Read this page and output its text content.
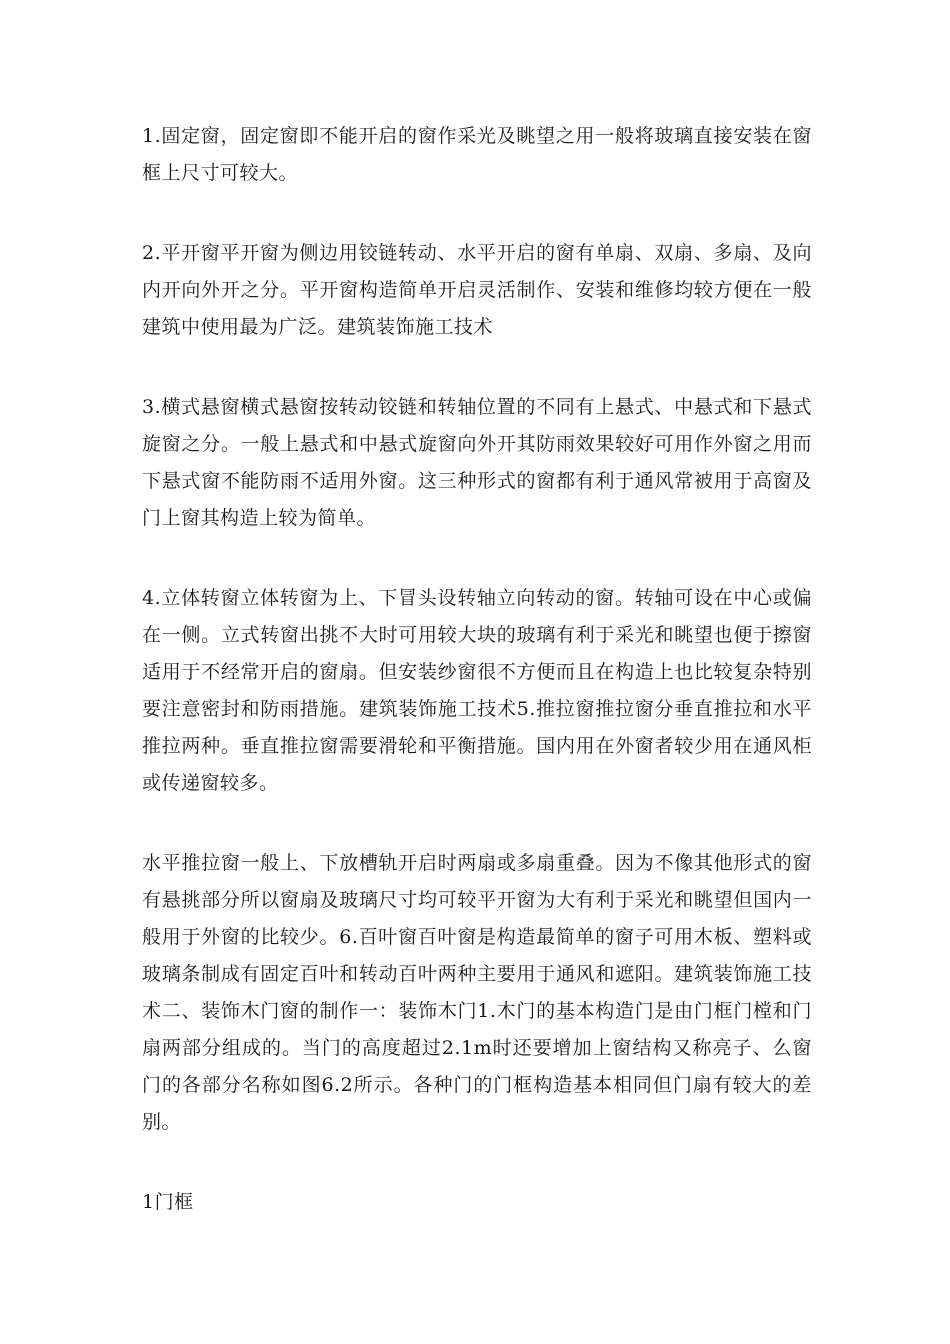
1.固定窗，固定窗即不能开启的窗作采光及眺望之用一般将玻璃直接安装在窗框上尺寸可较大。

2.平开窗平开窗为侧边用铰链转动、水平开启的窗有单扇、双扇、多扇、及向内开向外开之分。平开窗构造简单开启灵活制作、安装和维修均较方便在一般建筑中使用最为广泛。建筑装饰施工技术

3.横式悬窗横式悬窗按转动铰链和转轴位置的不同有上悬式、中悬式和下悬式旋窗之分。一般上悬式和中悬式旋窗向外开其防雨效果较好可用作外窗之用而下悬式窗不能防雨不适用外窗。这三种形式的窗都有利于通风常被用于高窗及门上窗其构造上较为简单。

4.立体转窗立体转窗为上、下冒头设转轴立向转动的窗。转轴可设在中心或偏在一侧。立式转窗出挑不大时可用较大块的玻璃有利于采光和眺望也便于擦窗适用于不经常开启的窗扇。但安装纱窗很不方便而且在构造上也比较复杂特别要注意密封和防雨措施。建筑装饰施工技术5.推拉窗推拉窗分垂直推拉和水平推拉两种。垂直推拉窗需要滑轮和平衡措施。国内用在外窗者较少用在通风柜或传递窗较多。

水平推拉窗一般上、下放槽轨开启时两扇或多扇重叠。因为不像其他形式的窗有悬挑部分所以窗扇及玻璃尺寸均可较平开窗为大有利于采光和眺望但国内一般用于外窗的比较少。6.百叶窗百叶窗是构造最简单的窗子可用木板、塑料或玻璃条制成有固定百叶和转动百叶两种主要用于通风和遮阳。建筑装饰施工技术二、装饰木门窗的制作一：装饰木门1.木门的基本构造门是由门框门樘和门扇两部分组成的。当门的高度超过2.1m时还要增加上窗结构又称亮子、么窗门的各部分名称如图6.2所示。各种门的门框构造基本相同但门扇有较大的差别。

1门框
